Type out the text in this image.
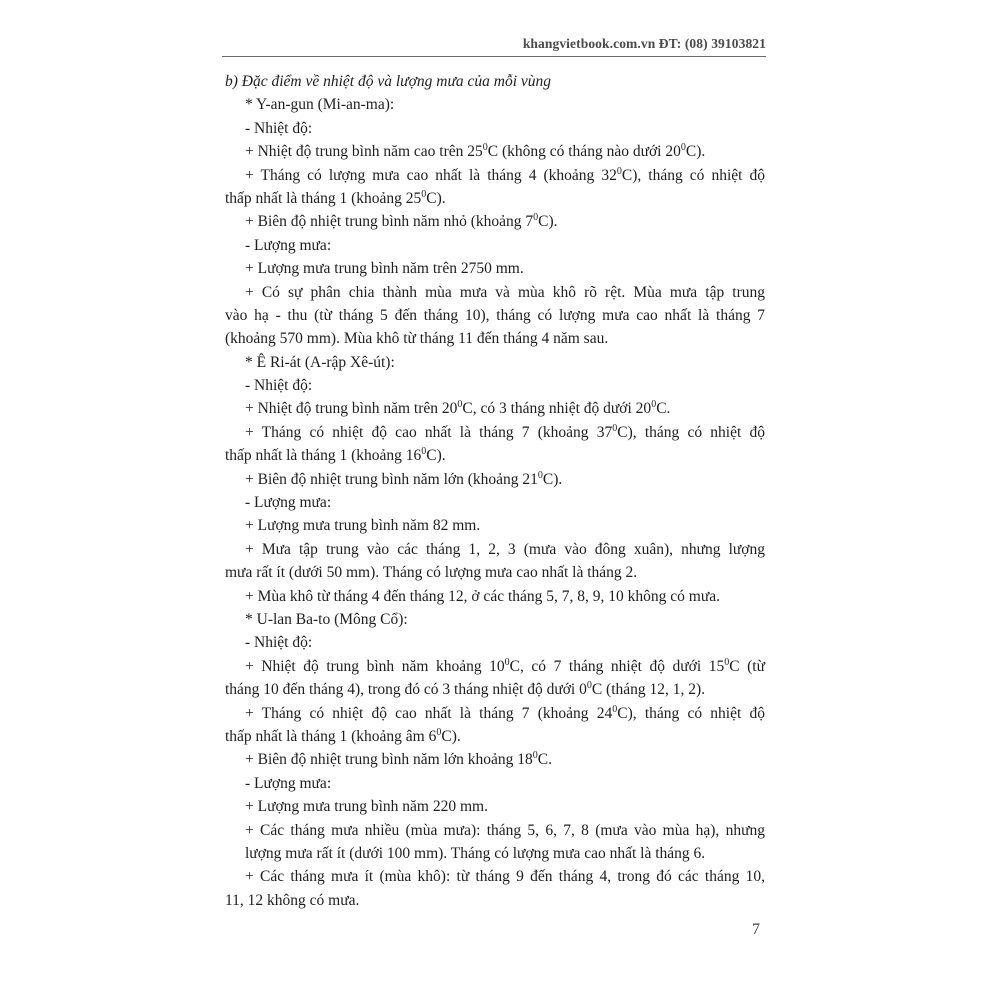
khangvietbook.com.vn ĐT: (08) 39103821
b) Đặc điểm về nhiệt độ và lượng mưa của mỗi vùng
* Y-an-gun (Mi-an-ma):
- Nhiệt độ:
+ Nhiệt độ trung bình năm cao trên $25^0C$ (không có tháng nào dưới $20^0C$).
+ Tháng có lượng mưa cao nhất là tháng 4 (khoảng $32^0C$), tháng có nhiệt độ
thấp nhất là tháng 1 (khoảng $25^0C$).
+ Biên độ nhiệt trung bình năm nhỏ (khoảng $7^0C$).
- Lượng mưa:
+ Lượng mưa trung bình năm trên 2750 mm.
+ Có sự phân chia thành mùa mưa và mùa khô rõ rệt. Mùa mưa tập trung
vào hạ - thu (từ tháng 5 đến tháng 10), tháng có lượng mưa cao nhất là tháng 7
(khoảng 570 mm). Mùa khô từ tháng 11 đến tháng 4 năm sau.
* Ê Ri-át (A-rập Xê-út):
- Nhiệt độ:
+ Nhiệt độ trung bình năm trên $20^0C$, có 3 tháng nhiệt độ dưới $20^0C$.
+ Tháng có nhiệt độ cao nhất là tháng 7 (khoảng $37^0C$), tháng có nhiệt độ
thấp nhất là tháng 1 (khoảng $16^0C$).
+ Biên độ nhiệt trung bình năm lớn (khoảng $21^0C$).
- Lượng mưa:
+ Lượng mưa trung bình năm 82 mm.
+ Mưa tập trung vào các tháng 1, 2, 3 (mưa vào đông xuân), nhưng lượng
mưa rất ít (dưới 50 mm). Tháng có lượng mưa cao nhất là tháng 2.
+ Mùa khô từ tháng 4 đến tháng 12, ở các tháng 5, 7, 8, 9, 10 không có mưa.
* U-lan Ba-to (Mông Cổ):
- Nhiệt độ:
+ Nhiệt độ trung bình năm khoảng $10^0C$, có 7 tháng nhiệt độ dưới $15^0C$ (từ
tháng 10 đến tháng 4), trong đó có 3 tháng nhiệt độ dưới $0^0C$ (tháng 12, 1, 2).
+ Tháng có nhiệt độ cao nhất là tháng 7 (khoảng $24^0C$), tháng có nhiệt độ
thấp nhất là tháng 1 (khoảng âm $6^0C$).
+ Biên độ nhiệt trung bình năm lớn khoảng $18^0C$.
- Lượng mưa:
+ Lượng mưa trung bình năm 220 mm.
+ Các tháng mưa nhiều (mùa mưa): tháng 5, 6, 7, 8 (mưa vào mùa hạ), nhưng
lượng mưa rất ít (dưới 100 mm). Tháng có lượng mưa cao nhất là tháng 6.
+ Các tháng mưa ít (mùa khô): từ tháng 9 đến tháng 4, trong đó các tháng 10,
11, 12 không có mưa.
7
